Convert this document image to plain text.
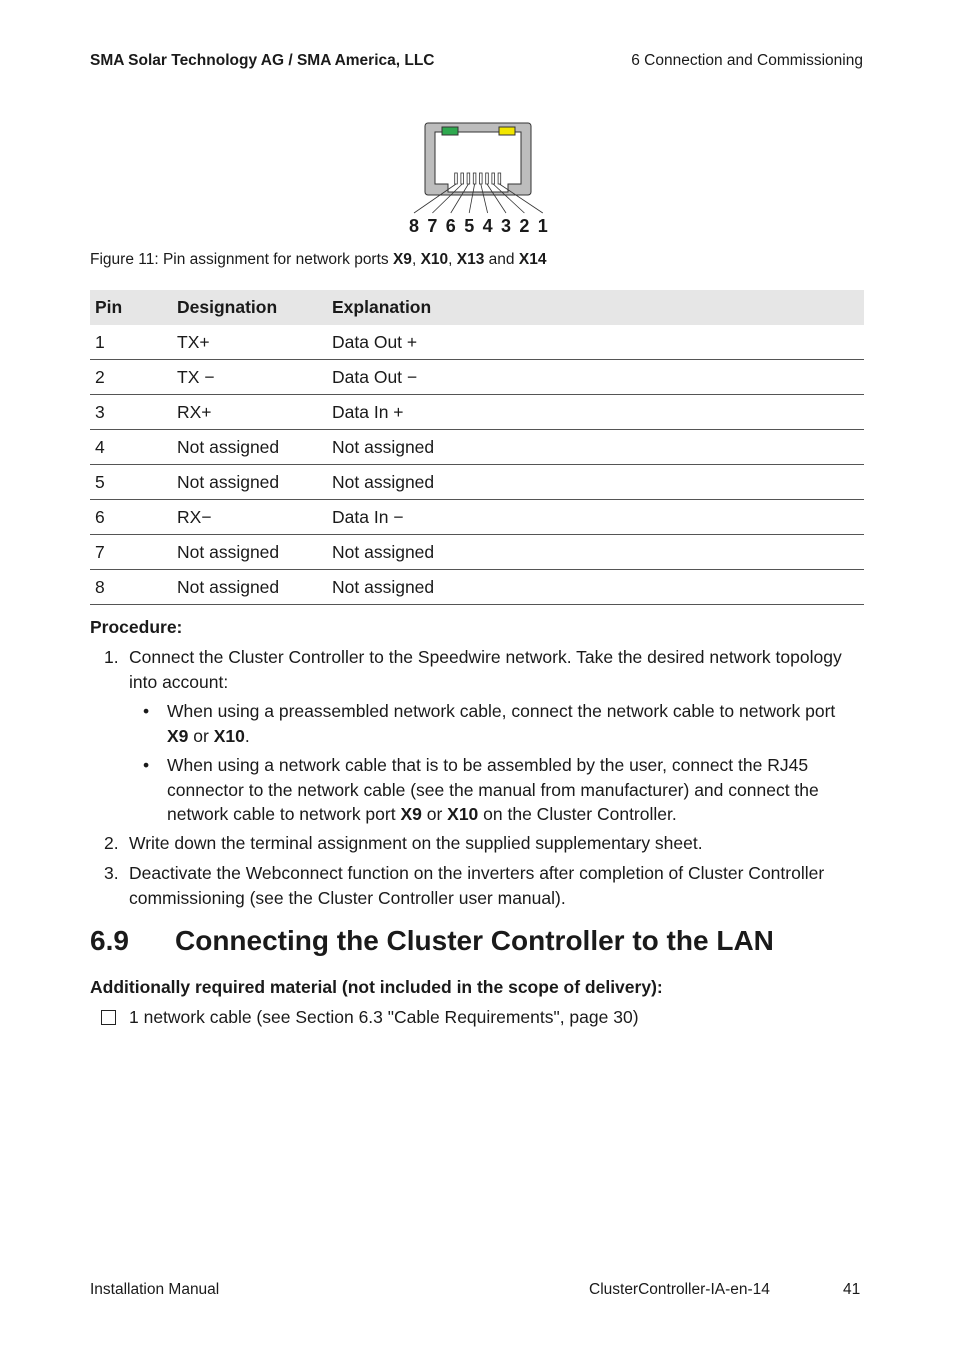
SMA Solar Technology AG / SMA America, LLC	6 Connection and Commissioning
8 7 6 5 4 3 2 1
Figure 11: Pin assignment for network ports X9, X10, X13 and X14
Pin	Designation	Explanation
1	TX+	Data Out +
2	TX −	Data Out −
3	RX+	Data In +
4	Not assigned	Not assigned
5	Not assigned	Not assigned
6	RX−	Data In −
7	Not assigned	Not assigned
8	Not assigned	Not assigned
Procedure:
1. Connect the Cluster Controller to the Speedwire network. Take the desired network topology
into account:
• When using a preassembled network cable, connect the network cable to network port
X9 or X10.
• When using a network cable that is to be assembled by the user, connect the RJ45
connector to the network cable (see the manual from manufacturer) and connect the
network cable to network port X9 or X10 on the Cluster Controller.
2. Write down the terminal assignment on the supplied supplementary sheet.
3. Deactivate the Webconnect function on the inverters after completion of Cluster Controller
commissioning (see the Cluster Controller user manual).
6.9 Connecting the Cluster Controller to the LAN
Additionally required material (not included in the scope of delivery):
1 network cable (see Section 6.3 "Cable Requirements", page 30)
Installation Manual	ClusterController-IA-en-14	41
